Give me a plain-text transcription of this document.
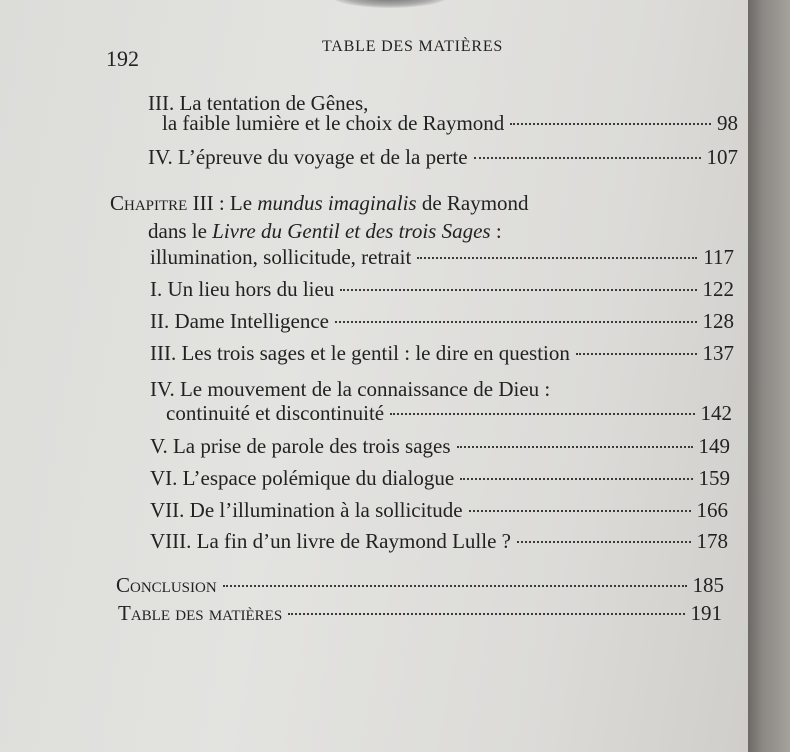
192	TABLE DES MATIÈRES
III. La tentation de Gênes,
la faible lumière et le choix de Raymond	98
IV. L’épreuve du voyage et de la perte	107
Chapitre III : Le mundus imaginalis de Raymond
dans le Livre du Gentil et des trois Sages :
illumination, sollicitude, retrait	117
I. Un lieu hors du lieu	122
II. Dame Intelligence	128
III. Les trois sages et le gentil : le dire en question	137
IV. Le mouvement de la connaissance de Dieu :
continuité et discontinuité	142
V. La prise de parole des trois sages	149
VI. L’espace polémique du dialogue	159
VII. De l’illumination à la sollicitude	166
VIII. La fin d’un livre de Raymond Lulle ?	178
Conclusion	185
Table des matières	191
